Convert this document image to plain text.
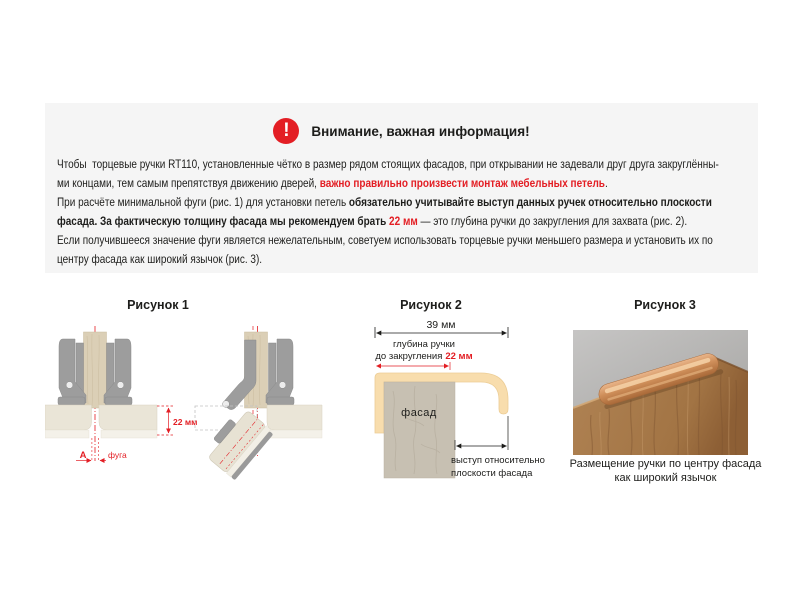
!	Внимание, важная информация!
Чтобы  торцевые ручки RT110, установленные чётко в размер рядом стоящих фасадов, при открывании не задевали друг друга закруглённы-
ми концами, тем самым препятствуя движению дверей, важно правильно произвести монтаж мебельных петель.
При расчёте минимальной фуги (рис. 1) для установки петель обязательно учитывайте выступ данных ручек относительно плоскости
фасада. За фактическую толщину фасада мы рекомендуем брать 22 мм — это глубина ручки до закругления для захвата (рис. 2).
Если получившееся значение фуги является нежелательным, советуем использовать торцевые ручки меньшего размера и установить их по
центру фасада как широкий язычок (рис. 3).
Рисунок 1	Рисунок 2	Рисунок 3
22 мм
А	фуга
39 мм
глубина ручки
до закругления 22 мм
фасад
выступ относительно
плоскости фасада
Размещение ручки по центру фасада
как широкий язычок
